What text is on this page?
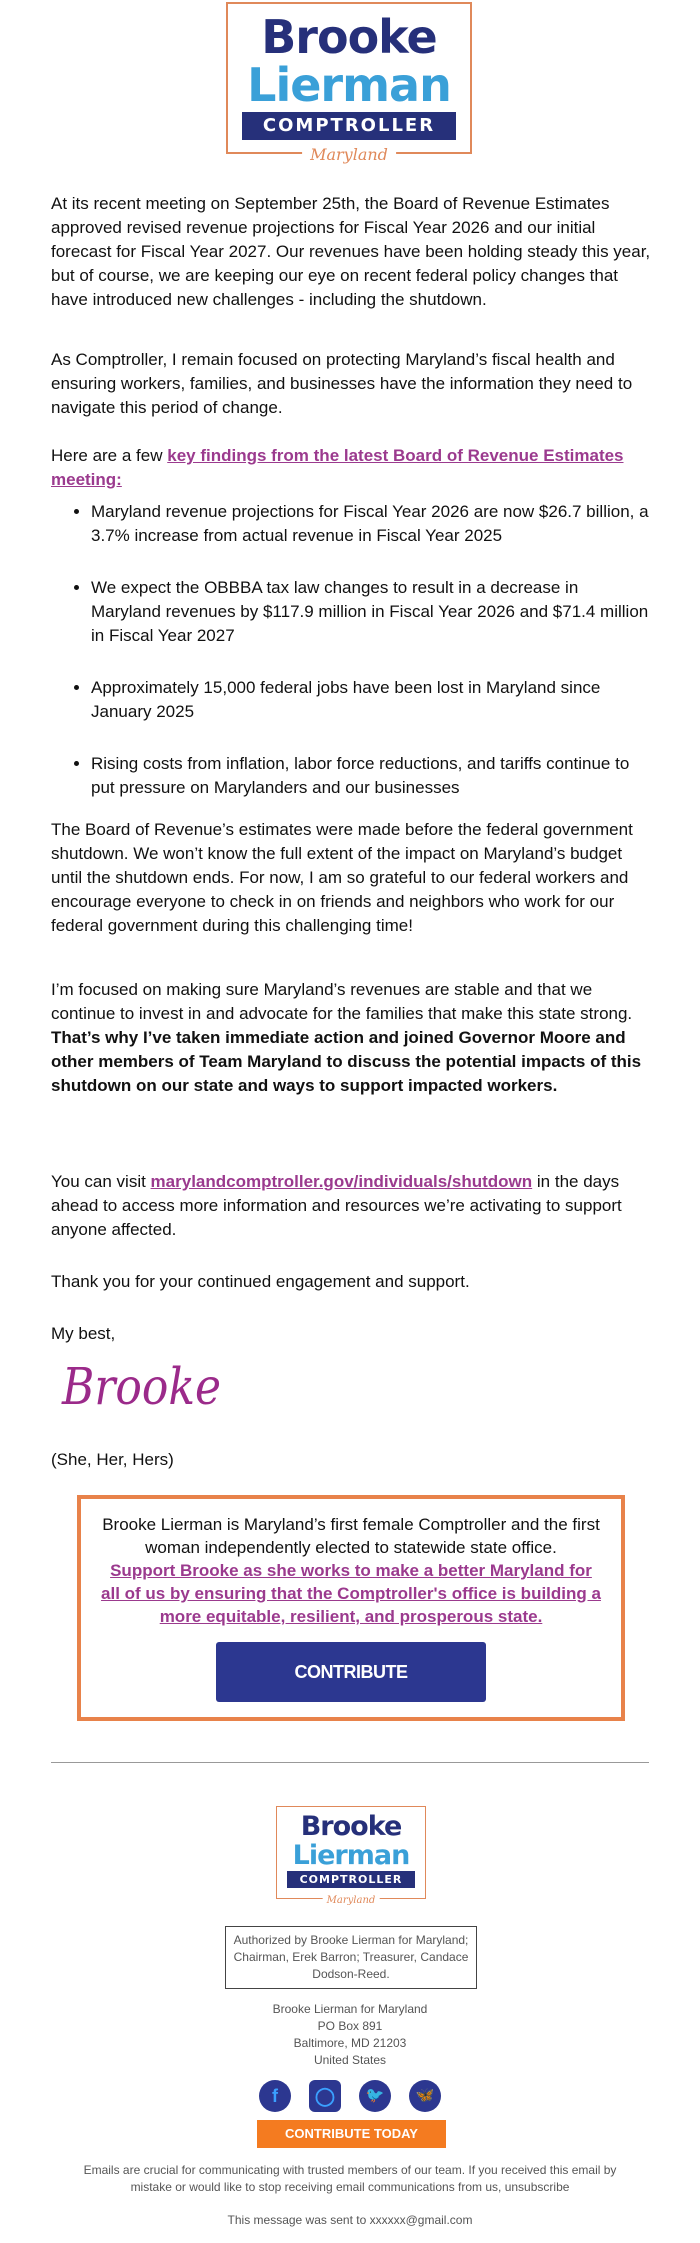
Brooke
Lierman
COMPTROLLER
Maryland

At its recent meeting on September 25th, the Board of Revenue Estimates approved revised revenue projections for Fiscal Year 2026 and our initial forecast for Fiscal Year 2027. Our revenues have been holding steady this year, but of course, we are keeping our eye on recent federal policy changes that have introduced new challenges - including the shutdown.

As Comptroller, I remain focused on protecting Maryland’s fiscal health and ensuring workers, families, and businesses have the information they need to navigate this period of change.

Here are a few key findings from the latest Board of Revenue Estimates meeting:

• Maryland revenue projections for Fiscal Year 2026 are now $26.7 billion, a 3.7% increase from actual revenue in Fiscal Year 2025
• We expect the OBBBA tax law changes to result in a decrease in Maryland revenues by $117.9 million in Fiscal Year 2026 and $71.4 million in Fiscal Year 2027
• Approximately 15,000 federal jobs have been lost in Maryland since January 2025
• Rising costs from inflation, labor force reductions, and tariffs continue to put pressure on Marylanders and our businesses

The Board of Revenue’s estimates were made before the federal government shutdown. We won’t know the full extent of the impact on Maryland’s budget until the shutdown ends. For now, I am so grateful to our federal workers and encourage everyone to check in on friends and neighbors who work for our federal government during this challenging time!

I’m focused on making sure Maryland’s revenues are stable and that we continue to invest in and advocate for the families that make this state strong. That’s why I’ve taken immediate action and joined Governor Moore and other members of Team Maryland to discuss the potential impacts of this shutdown on our state and ways to support impacted workers.

You can visit marylandcomptroller.gov/individuals/shutdown in the days ahead to access more information and resources we’re activating to support anyone affected.

Thank you for your continued engagement and support.

My best,

Brooke

(She, Her, Hers)

Brooke Lierman is Maryland’s first female Comptroller and the first woman independently elected to statewide state office.

Support Brooke as she works to make a better Maryland for all of us by ensuring that the Comptroller's office is building a more equitable, resilient, and prosperous state.
CONTRIBUTE
Brooke
Lierman
COMPTROLLER
Maryland
Authorized by Brooke Lierman for Maryland; Chairman, Erek Barron; Treasurer, Candace Dodson-Reed.
Brooke Lierman for Maryland
PO Box 891
Baltimore, MD 21203
United States
f	◯	🐦	🦋
CONTRIBUTE TODAY

Emails are crucial for communicating with trusted members of our team. If you received this email by mistake or would like to stop receiving email communications from us, unsubscribe

This message was sent to xxxxxx@gmail.com
